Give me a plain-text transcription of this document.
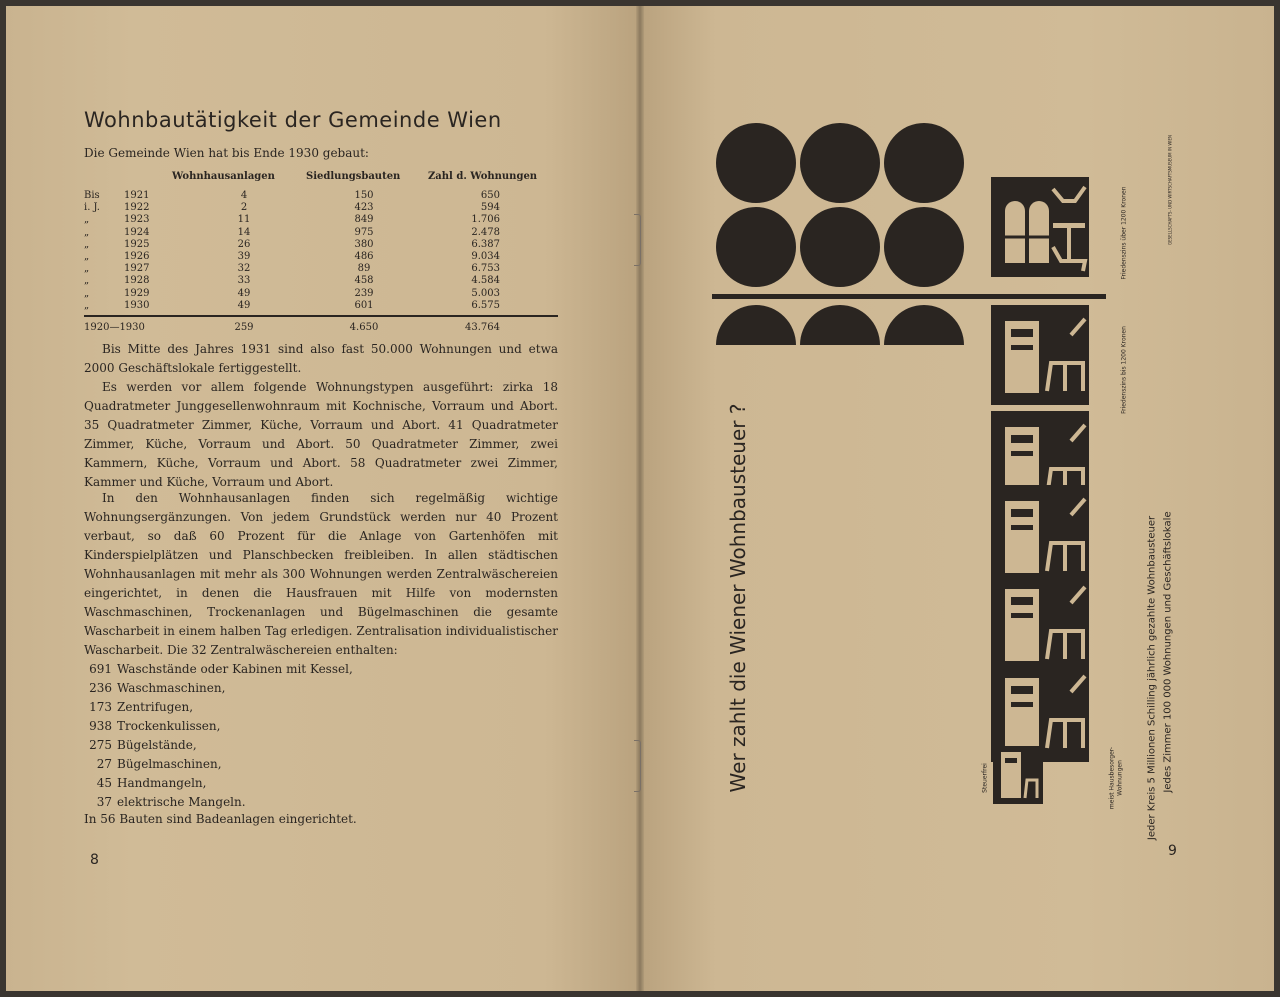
Wohnbautätigkeit der Gemeinde Wien
Die Gemeinde Wien hat bis Ende 1930 gebaut:
Wohnhausanlagen	Siedlungsbauten	Zahl d. Wohnungen
Bis 1921	4	150	650
i. J. 1922	2	423	594
„	1923	11	849	1.706
„	1924	14	975	2.478
„	1925	26	380	6.387
„	1926	39	486	9.034
„	1927	32	89	6.753
„	1928	33	458	4.584
„	1929	49	239	5.003
„	1930	49	601	6.575
1920—1930	259	4.650	43.764

Bis Mitte des Jahres 1931 sind also fast 50.000 Wohnungen und etwa 2000 Geschäftslokale fertiggestellt.

Es werden vor allem folgende Wohnungstypen ausgeführt: zirka 18 Quadratmeter Junggesellenwohnraum mit Kochnische, Vorraum und Abort. 35 Quadratmeter Zimmer, Küche, Vorraum und Abort. 41 Quadratmeter Zimmer, Küche, Vorraum und Abort. 50 Quadratmeter Zimmer, zwei Kammern, Küche, Vorraum und Abort. 58 Quadratmeter zwei Zimmer, Kammer und Küche, Vorraum und Abort.

In den Wohnhausanlagen finden sich regelmäßig wichtige Wohnungsergänzungen. Von jedem Grundstück werden nur 40 Prozent verbaut, so daß 60 Prozent für die Anlage von Gartenhöfen mit Kinderspielplätzen und Planschbecken freibleiben. In allen städtischen Wohnhausanlagen mit mehr als 300 Wohnungen werden Zentralwäschereien eingerichtet, in denen die Hausfrauen mit Hilfe von modernsten Waschmaschinen, Trockenanlagen und Bügelmaschinen die gesamte Wascharbeit in einem halben Tag erledigen. Zentralisation individualistischer Wascharbeit. Die 32 Zentralwäschereien enthalten:

691 Waschstände oder Kabinen mit Kessel,
236 Waschmaschinen,
173 Zentrifugen,
938 Trockenkulissen,
275 Bügelstände,
27 Bügelmaschinen,
45 Handmangeln,
37 elektrische Mangeln.
In 56 Bauten sind Badeanlagen eingerichtet.
8
Wer zahlt die Wiener Wohnbausteuer ?
Friedenszins über 1200 Kronen
Friedenszins bis 1200 Kronen
Steuerfrei	meist Hausbesorger- Wohnungen Jeder Kreis 5 Millionen Schilling jährlich gezahlte Wohnbausteuer Jedes Zimmer 100 000 Wohnungen und Geschäftslokale
GESELLSCHAFTS- UND WIRTSCHAFTSMUSEUM IN WIEN
9
